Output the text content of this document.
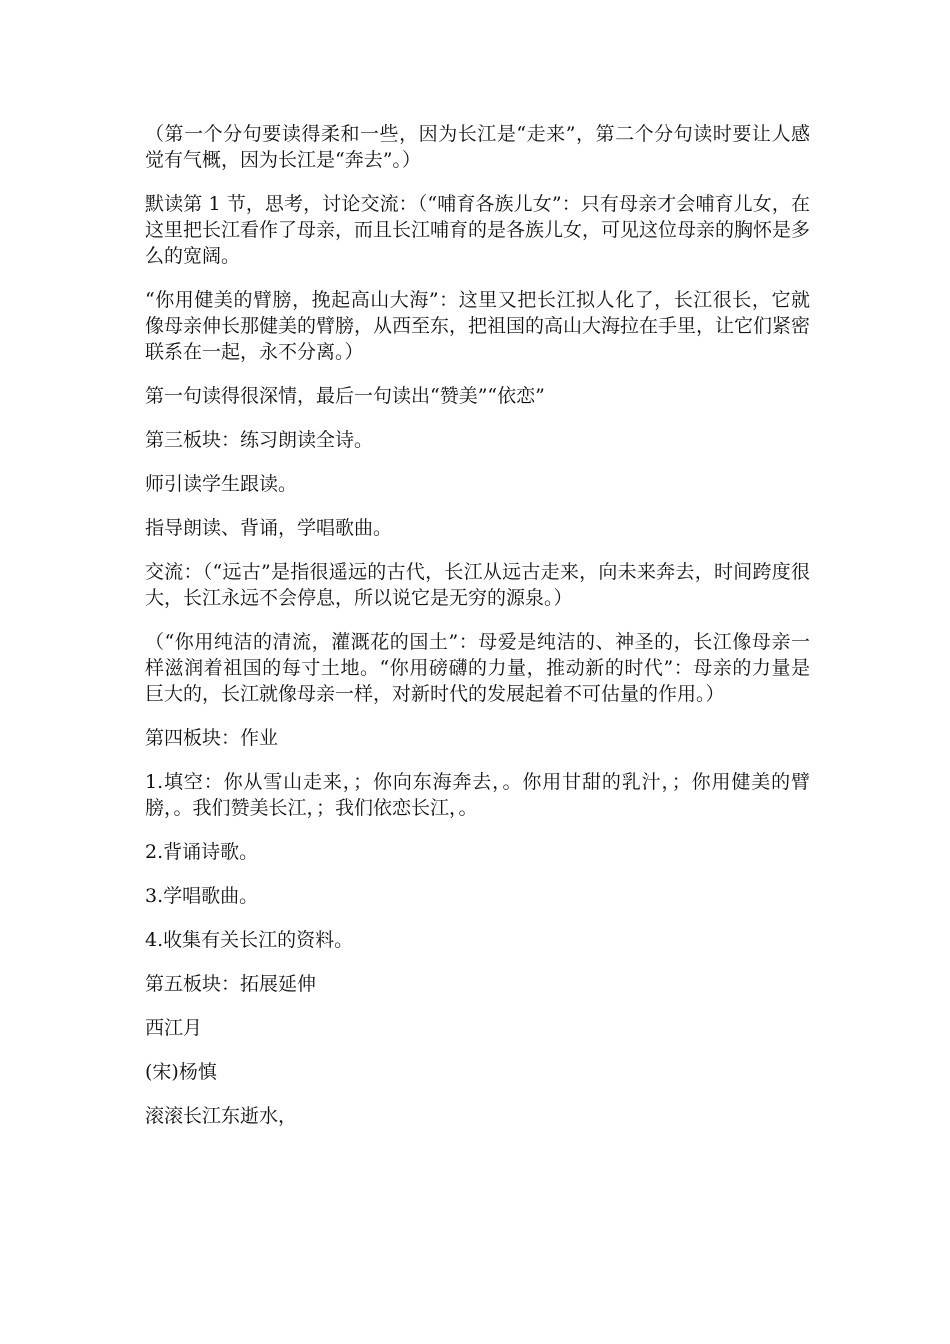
（第一个分句要读得柔和一些，因为长江是“走来”，第二个分句读时要让人感觉有气概，因为长江是“奔去”。）

默读第 1 节，思考，讨论交流：（“哺育各族儿女”：只有母亲才会哺育儿女，在这里把长江看作了母亲，而且长江哺育的是各族儿女，可见这位母亲的胸怀是多么的宽阔。

“你用健美的臂膀，挽起高山大海”：这里又把长江拟人化了，长江很长，它就像母亲伸长那健美的臂膀，从西至东，把祖国的高山大海拉在手里，让它们紧密联系在一起，永不分离。）

第一句读得很深情，最后一句读出“赞美”“依恋”

第三板块：练习朗读全诗。

师引读学生跟读。

指导朗读、背诵，学唱歌曲。

交流：（“远古”是指很遥远的古代，长江从远古走来，向未来奔去，时间跨度很大，长江永远不会停息，所以说它是无穷的源泉。）

（“你用纯洁的清流，灌溉花的国土”：母爱是纯洁的、神圣的，长江像母亲一样滋润着祖国的每寸土地。“你用磅礴的力量，推动新的时代”：母亲的力量是巨大的，长江就像母亲一样，对新时代的发展起着不可估量的作用。）

第四板块：作业

1.填空：你从雪山走来，；你向东海奔去，。你用甘甜的乳汁，；你用健美的臂膀，。我们赞美长江，；我们依恋长江，。

2.背诵诗歌。

3.学唱歌曲。

4.收集有关长江的资料。

第五板块：拓展延伸

西江月

(宋)杨慎

滚滚长江东逝水，
